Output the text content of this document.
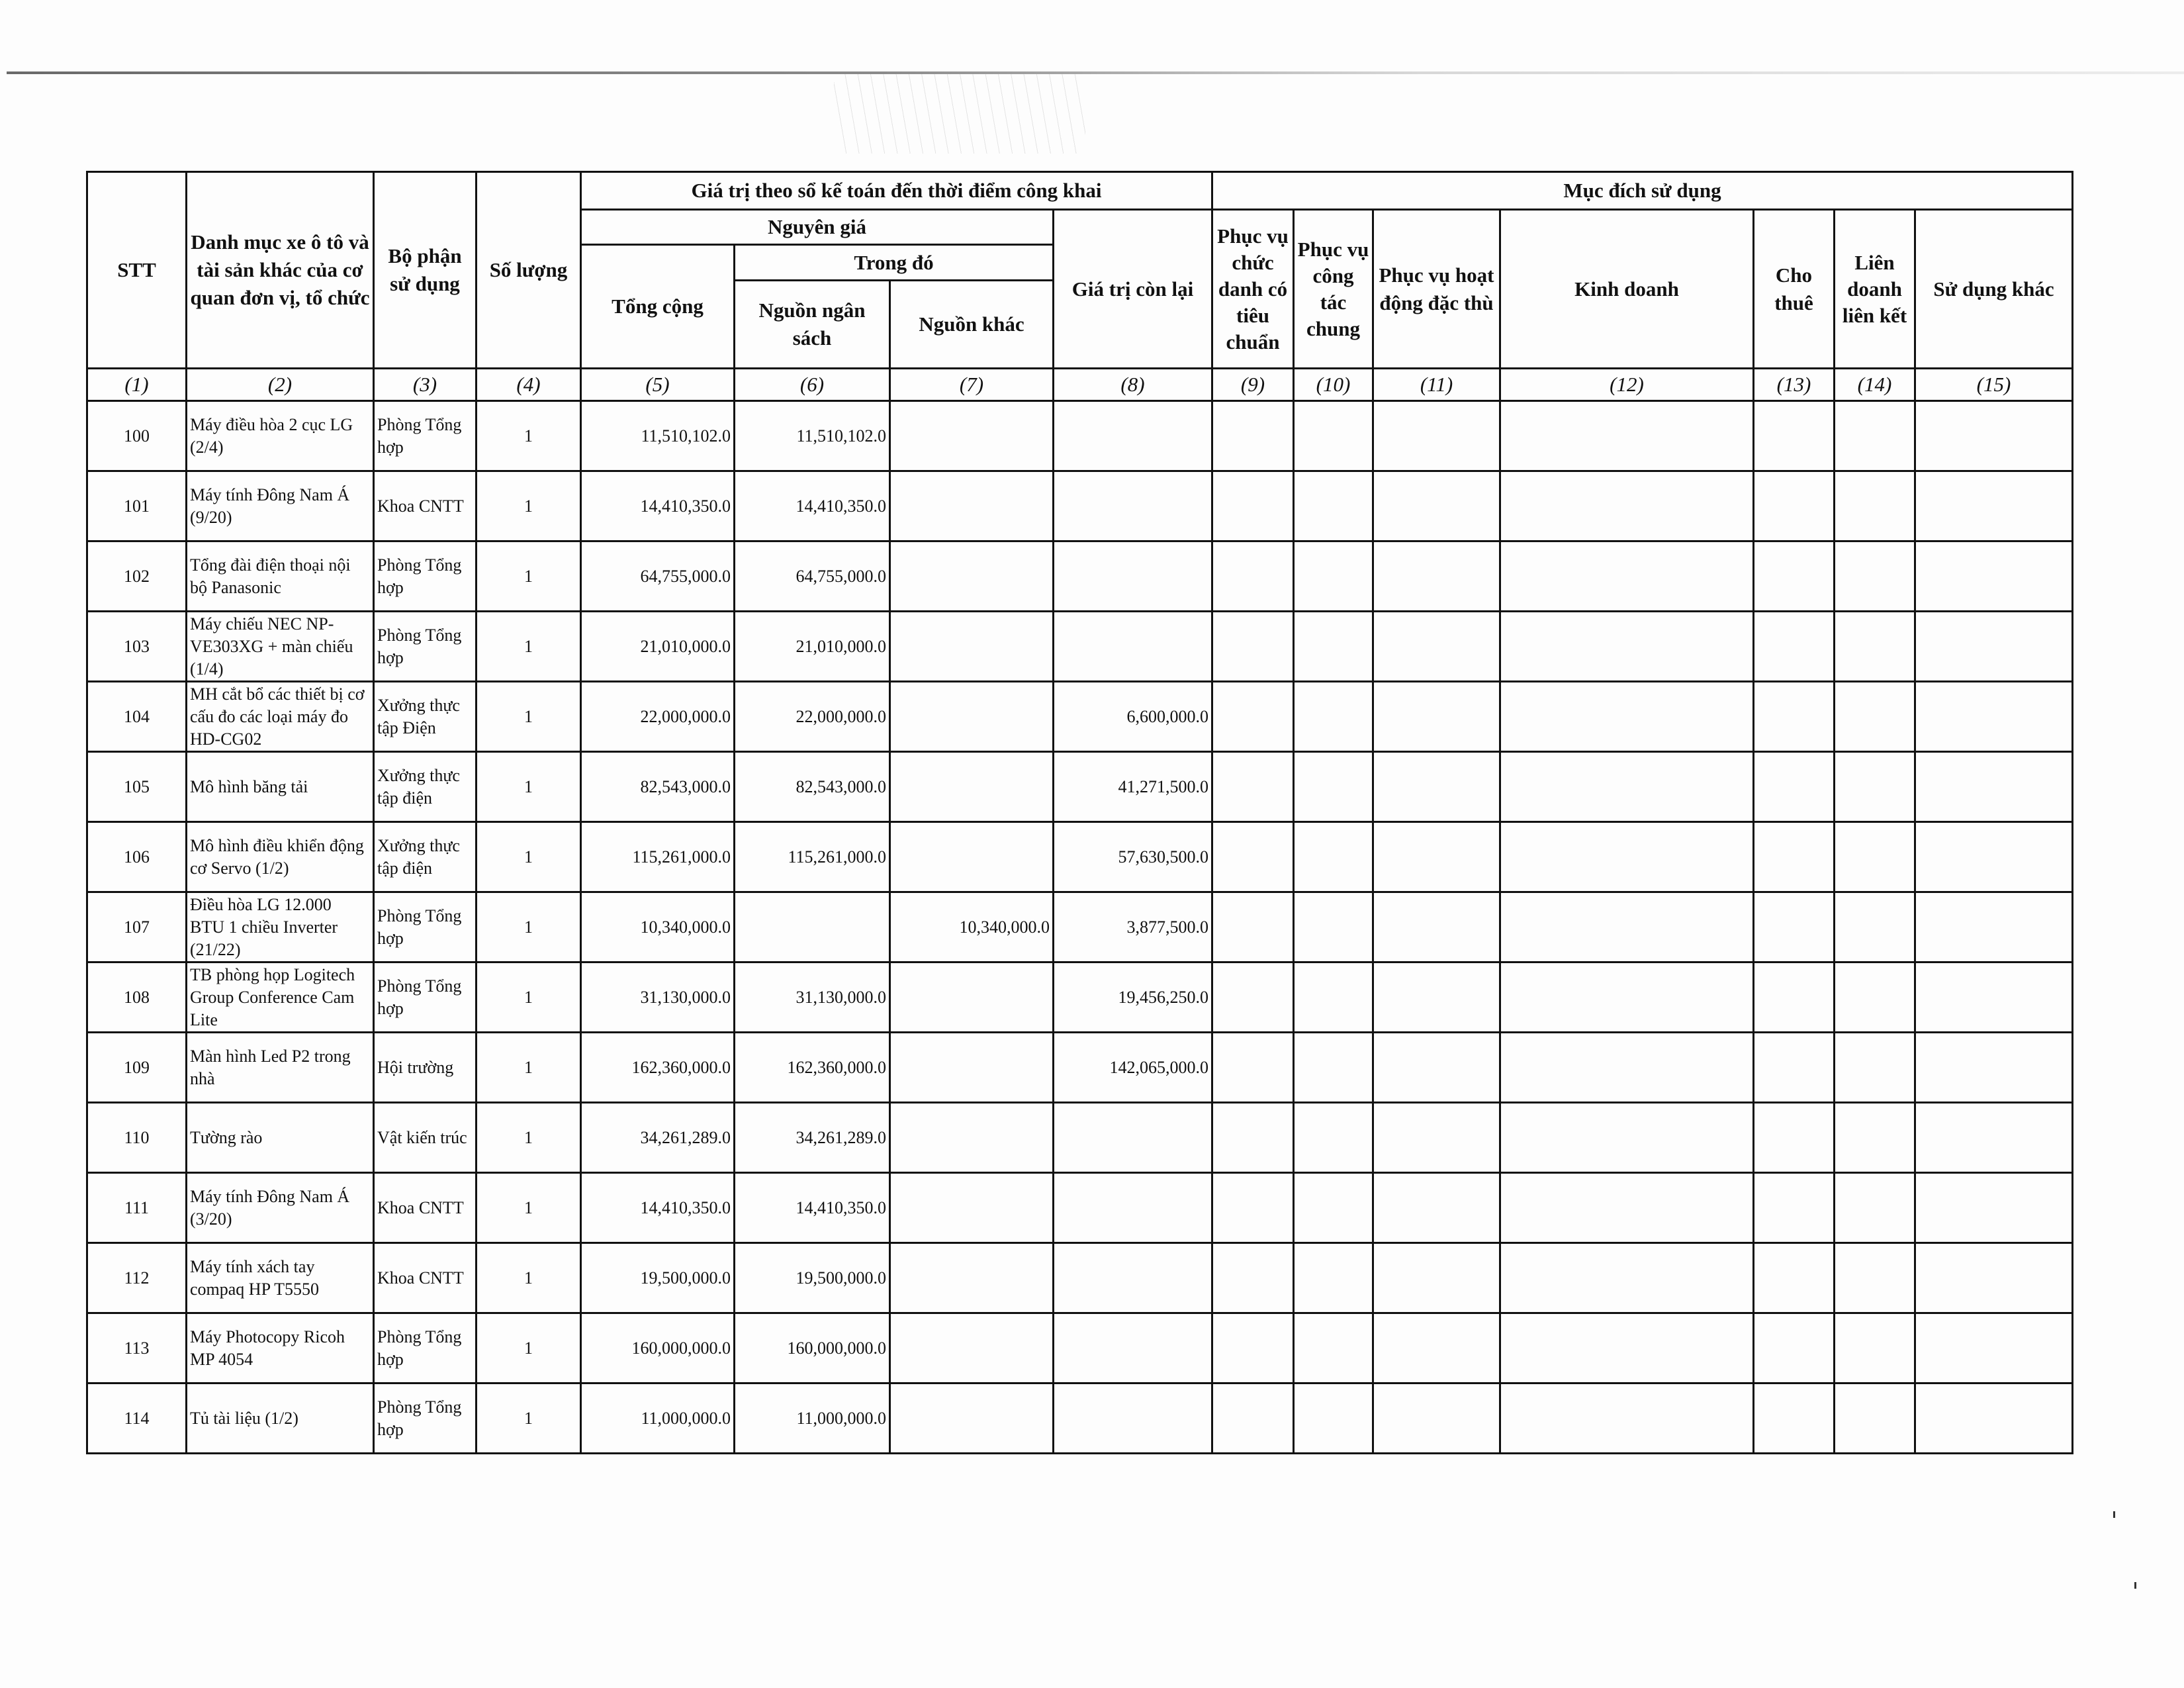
STT	Danh mục xe ô tô và tài sản khác của cơ quan đơn vị, tổ chức	Bộ phận sử dụng	Số lượng	Giá trị theo sổ kế toán đến thời điểm công khai				Mục đích sử dụng						
				Nguyên giá			Giá trị còn lại	Phục vụ chức danh có tiêu chuẩn	Phục vụ công tác chung	Phục vụ hoạt động đặc thù	Kinh doanh	Cho thuê	Liên doanh liên kết	Sử dụng khác
				Tổng cộng	Trong đó									
					Nguồn ngân sách	Nguồn khác								
(1)	(2)	(3)	(4)	(5)	(6)	(7)	(8)	(9)	(10)	(11)	(12)	(13)	(14)	(15)
100	Máy điều hòa 2 cục LG (2/4)	Phòng Tổng hợp	1	11,510,102.0	11,510,102.0									
101	Máy tính Đông Nam Á (9/20)	Khoa CNTT	1	14,410,350.0	14,410,350.0									
102	Tổng đài điện thoại nội bộ Panasonic	Phòng Tổng hợp	1	64,755,000.0	64,755,000.0									
103	Máy chiếu NEC NP-VE303XG + màn chiếu (1/4)	Phòng Tổng hợp	1	21,010,000.0	21,010,000.0									
104	MH cắt bổ các thiết bị cơ cấu đo các loại máy đo HD-CG02	Xưởng thực tập Điện	1	22,000,000.0	22,000,000.0		6,600,000.0							
105	Mô hình băng tải	Xưởng thực tập điện	1	82,543,000.0	82,543,000.0		41,271,500.0							
106	Mô hình điều khiển động cơ Servo (1/2)	Xưởng thực tập điện	1	115,261,000.0	115,261,000.0		57,630,500.0							
107	Điều hòa LG 12.000 BTU 1 chiều Inverter (21/22)	Phòng Tổng hợp	1	10,340,000.0		10,340,000.0	3,877,500.0							
108	TB phòng họp Logitech Group Conference Cam Lite	Phòng Tổng hợp	1	31,130,000.0	31,130,000.0		19,456,250.0							
109	Màn hình Led P2 trong nhà	Hội trường	1	162,360,000.0	162,360,000.0		142,065,000.0							
110	Tường rào	Vật kiến trúc	1	34,261,289.0	34,261,289.0									
111	Máy tính Đông Nam Á (3/20)	Khoa CNTT	1	14,410,350.0	14,410,350.0									
112	Máy tính xách tay compaq HP T5550	Khoa CNTT	1	19,500,000.0	19,500,000.0									
113	Máy Photocopy Ricoh MP 4054	Phòng Tổng hợp	1	160,000,000.0	160,000,000.0									
114	Tủ tài liệu (1/2)	Phòng Tổng hợp	1	11,000,000.0	11,000,000.0									
